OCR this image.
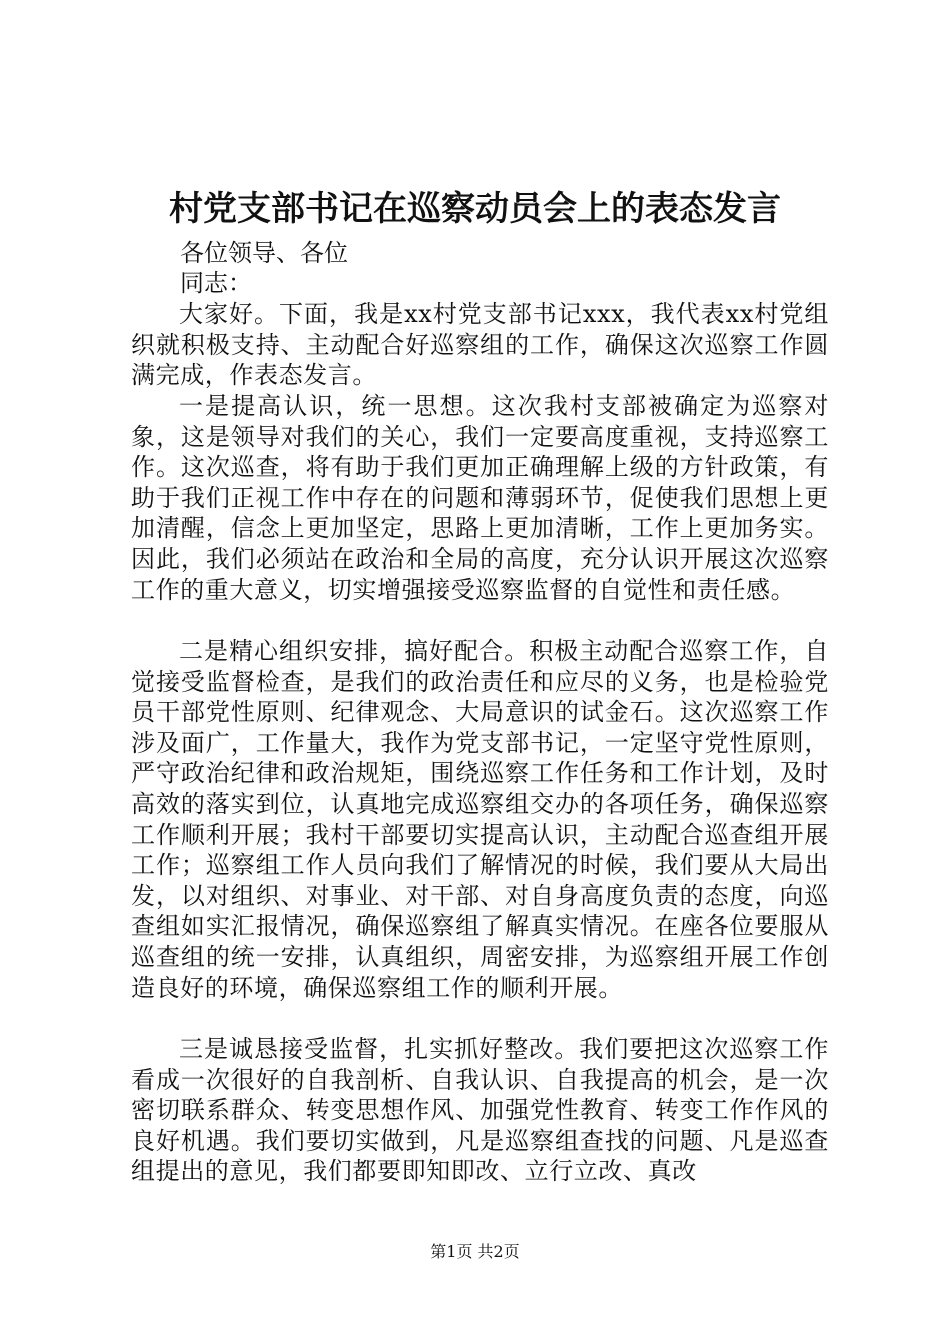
村党支部书记在巡察动员会上的表态发言

各位领导、各位

同志：

大家好。下面，我是xx村党支部书记xxx，我代表xx村党组织就积极支持、主动配合好巡察组的工作，确保这次巡察工作圆满完成，作表态发言。

一是提高认识，统一思想。这次我村支部被确定为巡察对象，这是领导对我们的关心，我们一定要高度重视，支持巡察工作。这次巡查，将有助于我们更加正确理解上级的方针政策，有助于我们正视工作中存在的问题和薄弱环节，促使我们思想上更加清醒，信念上更加坚定，思路上更加清晰，工作上更加务实。因此，我们必须站在政治和全局的高度，充分认识开展这次巡察工作的重大意义，切实增强接受巡察监督的自觉性和责任感。

二是精心组织安排，搞好配合。积极主动配合巡察工作，自觉接受监督检查，是我们的政治责任和应尽的义务，也是检验党员干部党性原则、纪律观念、大局意识的试金石。这次巡察工作涉及面广，工作量大，我作为党支部书记，一定坚守党性原则，严守政治纪律和政治规矩，围绕巡察工作任务和工作计划，及时高效的落实到位，认真地完成巡察组交办的各项任务，确保巡察工作顺利开展；我村干部要切实提高认识，主动配合巡查组开展工作；巡察组工作人员向我们了解情况的时候，我们要从大局出发，以对组织、对事业、对干部、对自身高度负责的态度，向巡查组如实汇报情况，确保巡察组了解真实情况。在座各位要服从巡查组的统一安排，认真组织，周密安排，为巡察组开展工作创造良好的环境，确保巡察组工作的顺利开展。

三是诚恳接受监督，扎实抓好整改。我们要把这次巡察工作看成一次很好的自我剖析、自我认识、自我提高的机会，是一次密切联系群众、转变思想作风、加强党性教育、转变工作作风的良好机遇。我们要切实做到，凡是巡察组查找的问题、凡是巡查组提出的意见，我们都要即知即改、立行立改、真改

第1页 共2页
